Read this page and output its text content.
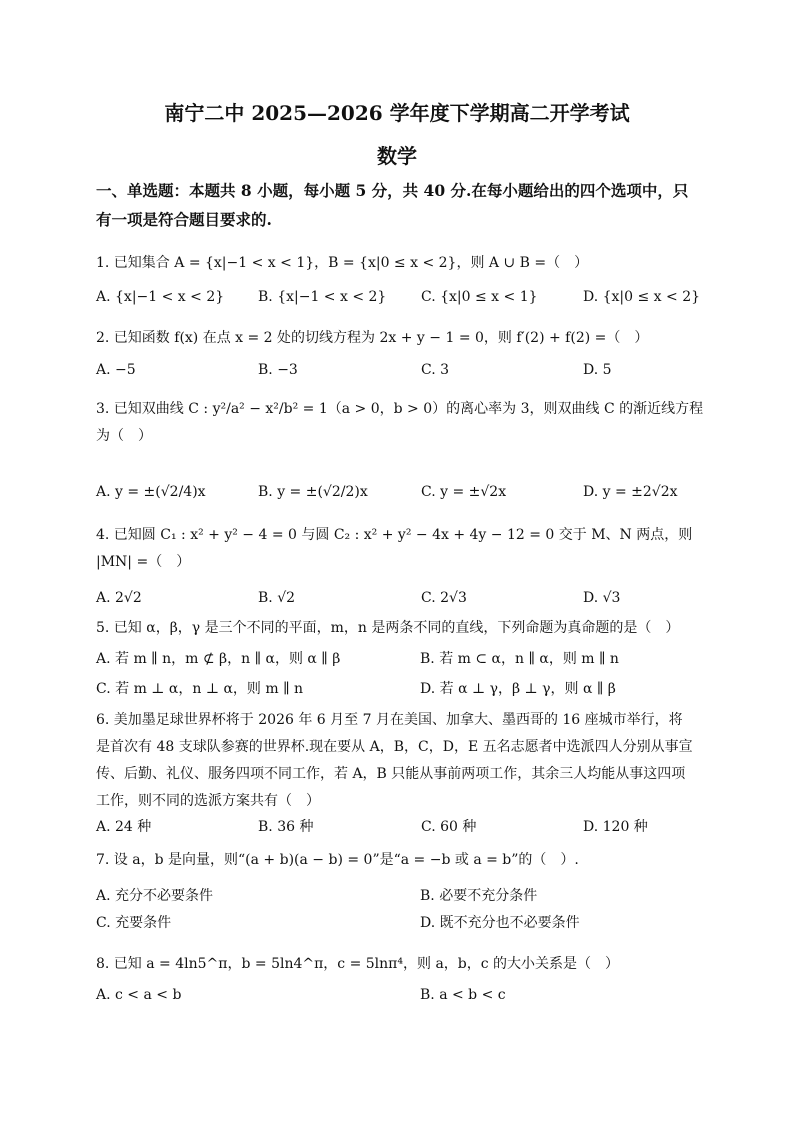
南宁二中 2025—2026 学年度下学期高二开学考试
数学
一、单选题：本题共 8 小题，每小题 5 分，共 40 分.在每小题给出的四个选项中，只有一项是符合题目要求的.
1. 已知集合 A = {x|−1 < x < 1}，B = {x|0 ≤ x < 2}，则 A ∪ B =（　）
A. {x|−1 < x < 2} B. {x|−1 < x < 2} C. {x|0 ≤ x < 1}	D. {x|0 ≤ x < 2}
2. 已知函数 f(x) 在点 x = 2 处的切线方程为 2x + y − 1 = 0，则 f′(2) + f(2) =（　）
A. −5	B. −3	C. 3	D. 5
3. 已知双曲线 C : y²/a² − x²/b² = 1（a > 0，b > 0）的离心率为 3，则双曲线 C 的渐近线方程为（　）
A. y = ±(√2/4)x	B. y = ±(√2/2)x	C. y = ±√2x	D. y = ±2√2x
4. 已知圆 C₁ : x² + y² − 4 = 0 与圆 C₂ : x² + y² − 4x + 4y − 12 = 0 交于 M、N 两点，则 |MN| =（　）
A. 2√2	B. √2	C. 2√3	D. √3
5. 已知 α，β，γ 是三个不同的平面，m，n 是两条不同的直线，下列命题为真命题的是（　）
A. 若 m ∥ n，m ⊄ β，n ∥ α，则 α ∥ β	B. 若 m ⊂ α，n ∥ α，则 m ∥ n
C. 若 m ⊥ α，n ⊥ α，则 m ∥ n	D. 若 α ⊥ γ，β ⊥ γ，则 α ∥ β
6. 美加墨足球世界杯将于 2026 年 6 月至 7 月在美国、加拿大、墨西哥的 16 座城市举行，将是首次有 48 支球队参赛的世界杯.现在要从 A，B，C，D，E 五名志愿者中选派四人分别从事宣传、后勤、礼仪、服务四项不同工作，若 A，B 只能从事前两项工作，其余三人均能从事这四项工作，则不同的选派方案共有（　）
A. 24 种	B. 36 种	C. 60 种	D. 120 种
7. 设 a，b 是向量，则“(a + b)(a − b) = 0”是“a = −b 或 a = b”的（　）.
A. 充分不必要条件	B. 必要不充分条件
C. 充要条件	D. 既不充分也不必要条件
8. 已知 a = 4ln5^π，b = 5ln4^π，c = 5lnπ⁴，则 a，b，c 的大小关系是（　）
A. c < a < b	B. a < b < c
